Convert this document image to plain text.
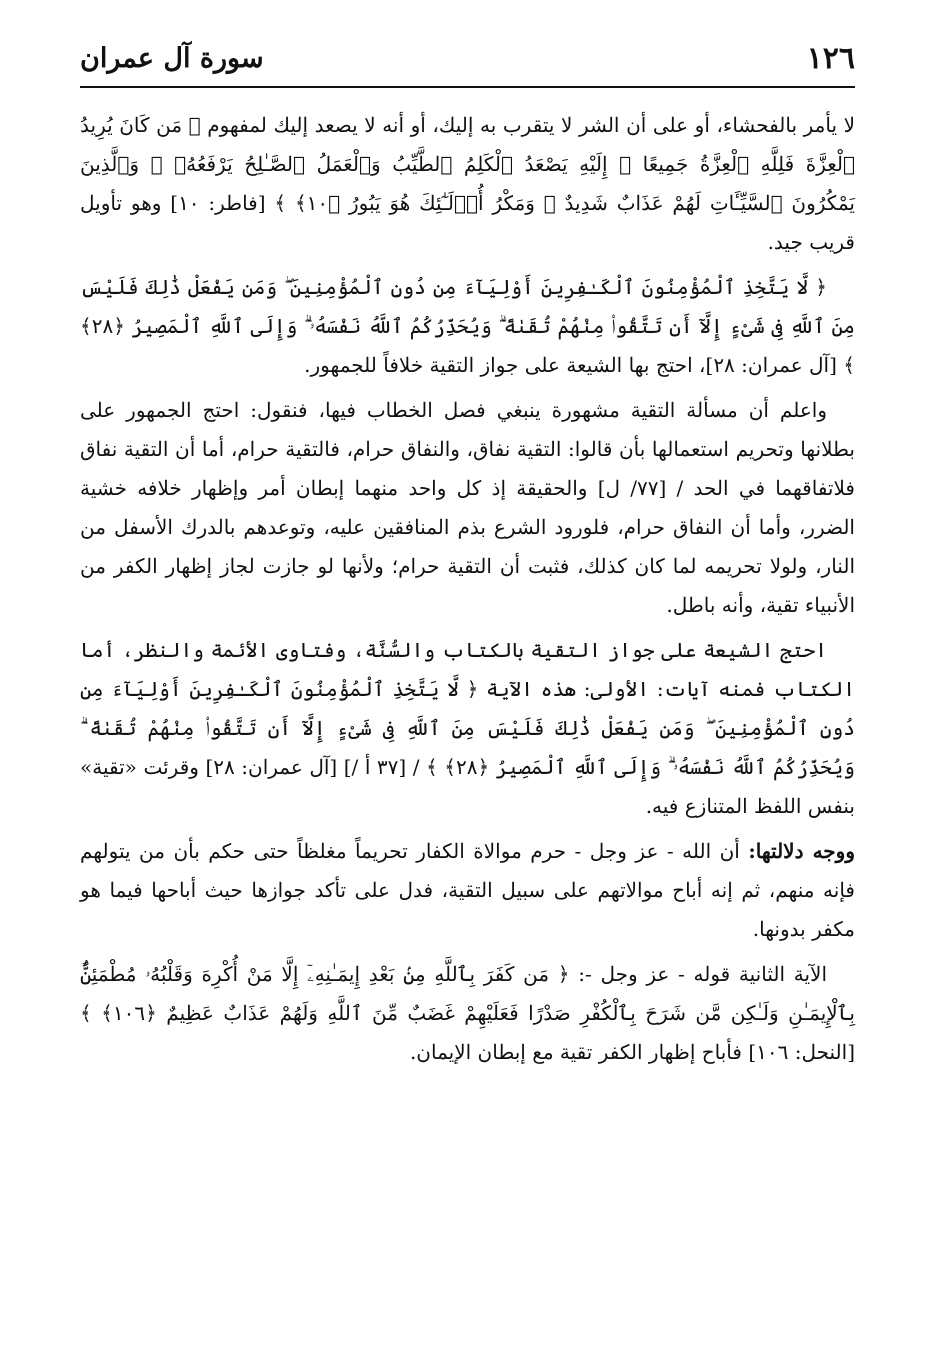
١٢٦
سورة آل عمران

لا يأمر بالفحشاء، أو على أن الشر لا يتقرب به إليك، أو أنه لا يصعد إليك لمفهوم ﴿ مَن كَانَ يُرِيدُ ٱلْعِزَّةَ فَلِلَّهِ ٱلْعِزَّةُ جَمِيعًا ۚ إِلَيْهِ يَصْعَدُ ٱلْكَلِمُ ٱلطَّيِّبُ وَٱلْعَمَلُ ٱلصَّـٰلِحُ يَرْفَعُهُۥ ۚ وَٱلَّذِينَ يَمْكُرُونَ ٱلسَّيِّـَٔاتِ لَهُمْ عَذَابٌ شَدِيدٌ ۖ وَمَكْرُ أُو۟لَـٰٓئِكَ هُوَ يَبُورُ ﴿١٠﴾ ﴾ [فاطر: ١٠] وهو تأويل قريب جيد.

﴿ لَّا يَتَّخِذِ ٱلْمُؤْمِنُونَ ٱلْكَـٰفِرِينَ أَوْلِيَآءَ مِن دُونِ ٱلْمُؤْمِنِينَ ۖ وَمَن يَفْعَلْ ذَٰلِكَ فَلَيْسَ مِنَ ٱللَّهِ فِى شَىْءٍ إِلَّآ أَن تَتَّقُوا۟ مِنْهُمْ تُقَىٰةً ۗ وَيُحَذِّرُكُمُ ٱللَّهُ نَفْسَهُۥ ۗ وَإِلَى ٱللَّهِ ٱلْمَصِيرُ ﴿٢٨﴾ ﴾ [آل عمران: ٢٨]، احتج بها الشيعة على جواز التقية خلافاً للجمهور.

واعلم أن مسألة التقية مشهورة ينبغي فصل الخطاب فيها، فنقول: احتج الجمهور على بطلانها وتحريم استعمالها بأن قالوا: التقية نفاق، والنفاق حرام، فالتقية حرام، أما أن التقية نفاق فلاتفاقهما في الحد / [٧٧/ ل] والحقيقة إذ كل واحد منهما إبطان أمر وإظهار خلافه خشية الضرر، وأما أن النفاق حرام، فلورود الشرع بذم المنافقين عليه، وتوعدهم بالدرك الأسفل من النار، ولولا تحريمه لما كان كذلك، فثبت أن التقية حرام؛ ولأنها لو جازت لجاز إظهار الكفر من الأنبياء تقية، وأنه باطل.

احتج الشيعة على جواز التقية بالكتاب والسُّنَّة، وفتاوى الأئمة والنظر، أما الكتاب فمنه آيات: الأولى: هذه الآية ﴿ لَّا يَتَّخِذِ ٱلْمُؤْمِنُونَ ٱلْكَـٰفِرِينَ أَوْلِيَآءَ مِن دُونِ ٱلْمُؤْمِنِينَ ۖ وَمَن يَفْعَلْ ذَٰلِكَ فَلَيْسَ مِنَ ٱللَّهِ فِى شَىْءٍ إِلَّآ أَن تَتَّقُوا۟ مِنْهُمْ تُقَىٰةً ۗ وَيُحَذِّرُكُمُ ٱللَّهُ نَفْسَهُۥ ۗ وَإِلَى ٱللَّهِ ٱلْمَصِيرُ ﴿٢٨﴾ ﴾ / [٣٧ أ /] [آل عمران: ٢٨] وقرئت «تقية» بنفس اللفظ المتنازع فيه.

ووجه دلالتها: أن الله - عز وجل - حرم موالاة الكفار تحريماً مغلظاً حتى حكم بأن من يتولهم فإنه منهم، ثم إنه أباح موالاتهم على سبيل التقية، فدل على تأكد جوازها حيث أباحها فيما هو مكفر بدونها.

الآية الثانية قوله - عز وجل -: ﴿ مَن كَفَرَ بِٱللَّهِ مِنۢ بَعْدِ إِيمَـٰنِهِۦٓ إِلَّا مَنْ أُكْرِهَ وَقَلْبُهُۥ مُطْمَئِنٌّۢ بِٱلْإِيمَـٰنِ وَلَـٰكِن مَّن شَرَحَ بِٱلْكُفْرِ صَدْرًا فَعَلَيْهِمْ غَضَبٌ مِّنَ ٱللَّهِ وَلَهُمْ عَذَابٌ عَظِيمٌ ﴿١٠٦﴾ ﴾ [النحل: ١٠٦] فأباح إظهار الكفر تقية مع إبطان الإيمان.
